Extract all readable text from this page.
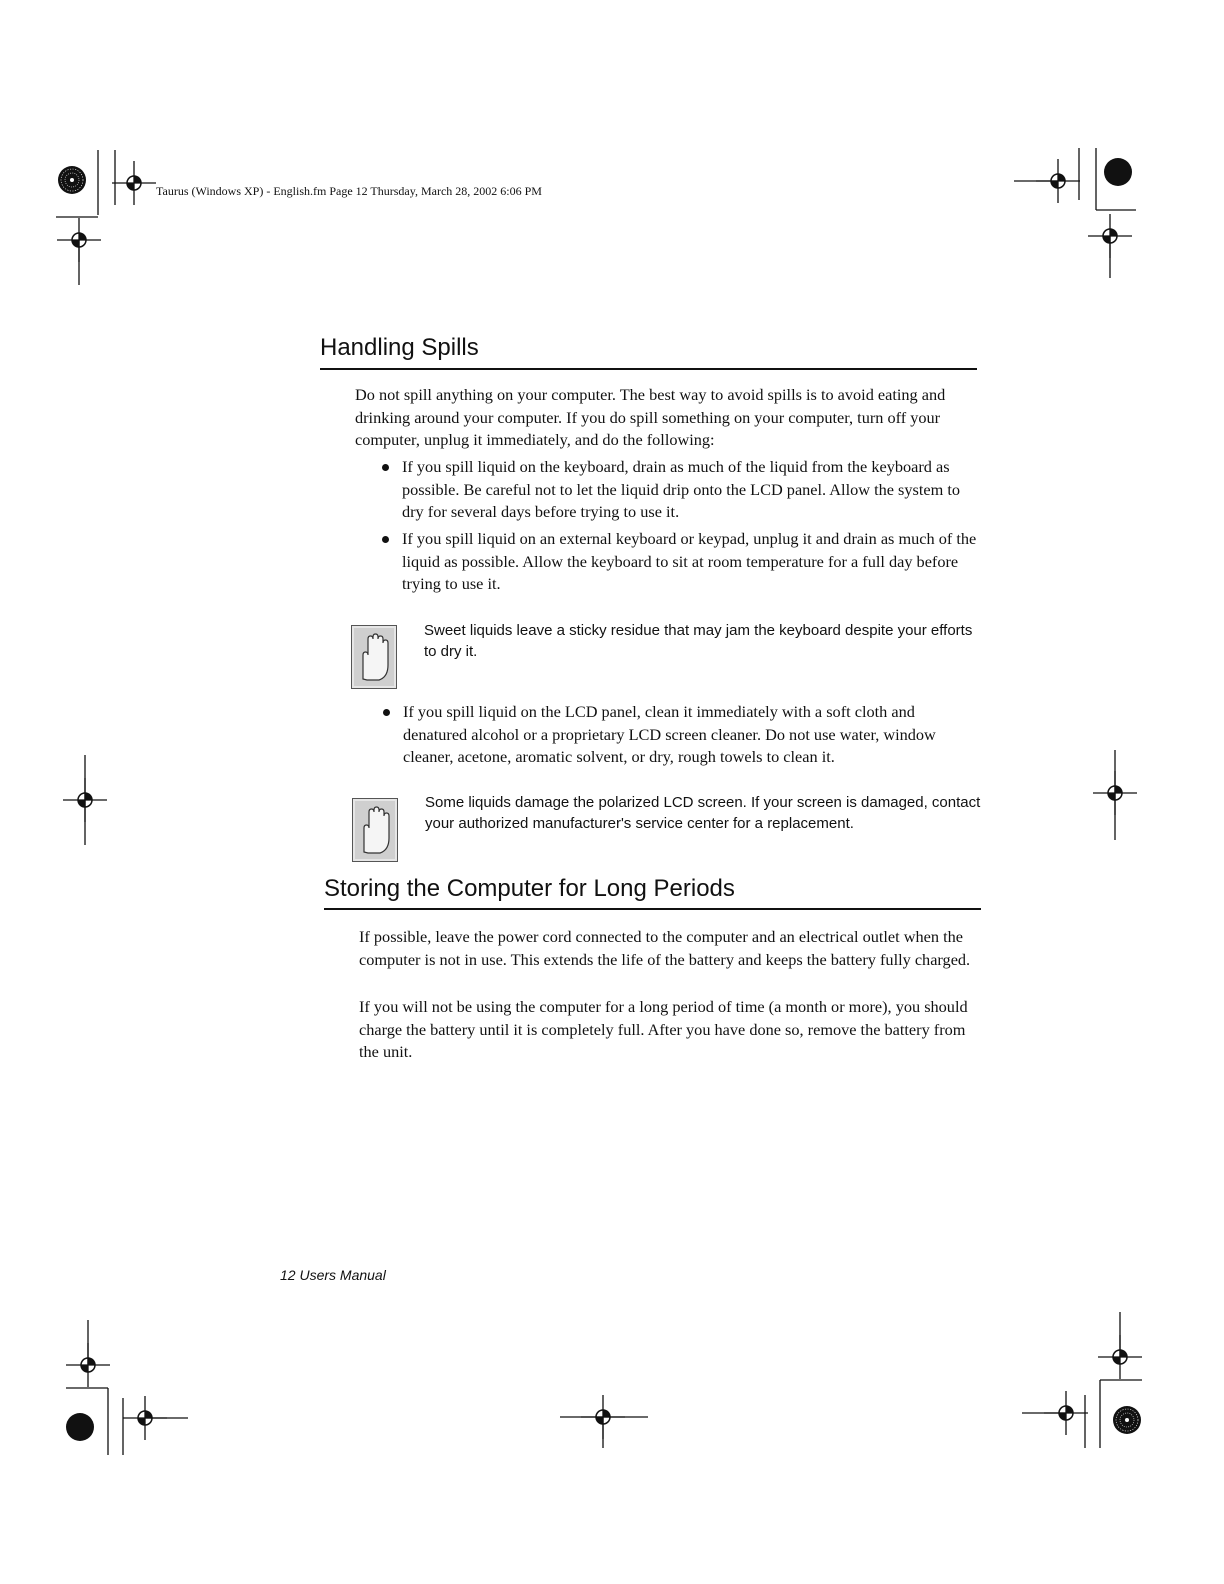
Taurus (Windows XP) - English.fm Page 12 Thursday, March 28, 2002 6:06 PM
Handling Spills

Do not spill anything on your computer. The best way to avoid spills is to avoid eating and drinking around your computer. If you do spill something on your computer, turn off your computer, unplug it immediately, and do the following:

If you spill liquid on the keyboard, drain as much of the liquid from the keyboard as possible. Be careful not to let the liquid drip onto the LCD panel. Allow the system to dry for several days before trying to use it.
If you spill liquid on an external keyboard or keypad, unplug it and drain as much of the liquid as possible. Allow the keyboard to sit at room temperature for a full day before trying to use it.

Sweet liquids leave a sticky residue that may jam the keyboard despite your efforts to dry it.

If you spill liquid on the LCD panel, clean it immediately with a soft cloth and denatured alcohol or a proprietary LCD screen cleaner. Do not use water, window cleaner, acetone, aromatic solvent, or dry, rough towels to clean it.

Some liquids damage the polarized LCD screen. If your screen is damaged, contact your authorized manufacturer's service center for a replacement.

Storing the Computer for Long Periods

If possible, leave the power cord connected to the computer and an electrical outlet when the computer is not in use. This extends the life of the battery and keeps the battery fully charged.

If you will not be using the computer for a long period of time (a month or more), you should charge the battery until it is completely full. After you have done so, remove the battery from the unit.

12 Users Manual
